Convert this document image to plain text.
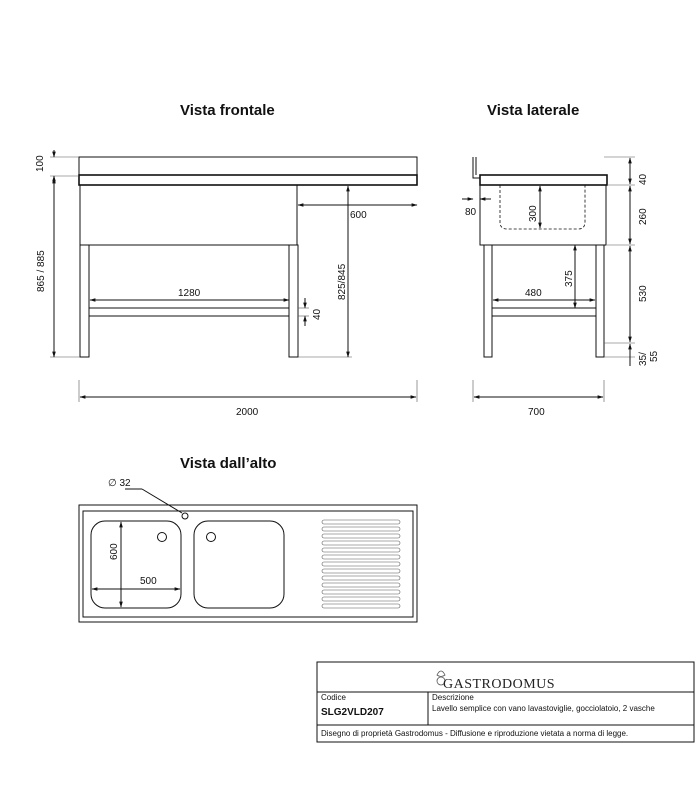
Vista frontale
100
865 / 885
600
825/845
1280
40
2000
Vista laterale
80	300
375
480
40
260
530
35/ 55
700
Vista dall’alto
∅ 32
600
500
GASTRODOMUS
Codice
SLG2VLD207
Descrizione
Lavello semplice con vano lavastoviglie, gocciolatoio, 2 vasche
Disegno di proprietà Gastrodomus - Diffusione e riproduzione vietata a norma di legge.
